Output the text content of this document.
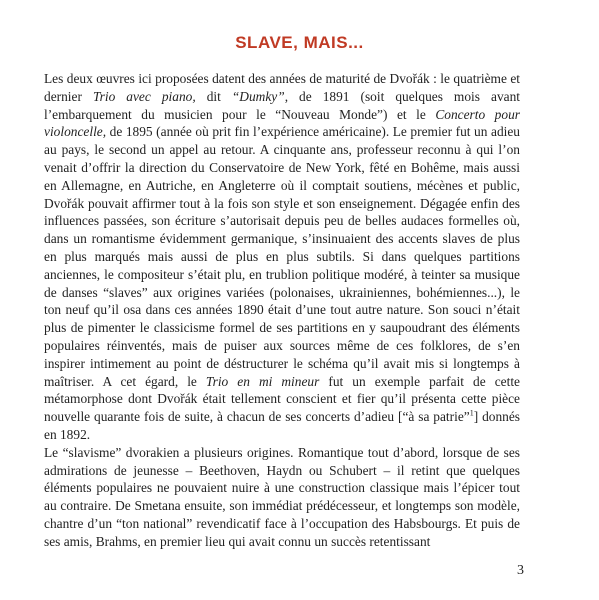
SLAVE, MAIS...

Les deux œuvres ici proposées datent des années de maturité de Dvořák : le quatrième et dernier Trio avec piano, dit “Dumky”, de 1891 (soit quelques mois avant l’embarquement du musicien pour le “Nouveau Monde”) et le Concerto pour violoncelle, de 1895 (année où prit fin l’expérience américaine). Le premier fut un adieu au pays, le second un appel au retour. A cinquante ans, professeur reconnu à qui l’on venait d’offrir la direction du Conservatoire de New York, fêté en Bohême, mais aussi en Allemagne, en Autriche, en Angleterre où il comptait soutiens, mécènes et public, Dvořák pouvait affirmer tout à la fois son style et son enseignement. Dégagée enfin des influences passées, son écriture s’autorisait depuis peu de belles audaces formelles où, dans un romantisme évidemment germanique, s’insinuaient des accents slaves de plus en plus marqués mais aussi de plus en plus subtils. Si dans quelques partitions anciennes, le compositeur s’était plu, en trublion politique modéré, à teinter sa musique de danses “slaves” aux origines variées (polonaises, ukrainiennes, bohémiennes...), le ton neuf qu’il osa dans ces années 1890 était d’une tout autre nature. Son souci n’était plus de pimenter le classicisme formel de ses partitions en y saupoudrant des éléments populaires réinventés, mais de puiser aux sources même de ces folklores, de s’en inspirer intimement au point de déstructurer le schéma qu’il avait mis si longtemps à maîtriser. A cet égard, le Trio en mi mineur fut un exemple parfait de cette métamorphose dont Dvořák était tellement conscient et fier qu’il présenta cette pièce nouvelle quarante fois de suite, à chacun de ses concerts d’adieu [“à sa patrie”$^1$] donnés en 1892.

Le “slavisme” dvorakien a plusieurs origines. Romantique tout d’abord, lorsque de ses admirations de jeunesse – Beethoven, Haydn ou Schubert – il retint que quelques éléments populaires ne pouvaient nuire à une construction classique mais l’épicer tout au contraire. De Smetana ensuite, son immédiat prédécesseur, et longtemps son modèle, chantre d’un “ton national” revendicatif face à l’occupation des Habsbourgs. Et puis de ses amis, Brahms, en premier lieu qui avait connu un succès retentissant

3
